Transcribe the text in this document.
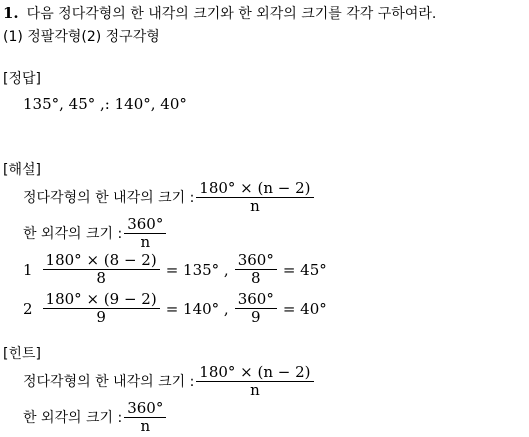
1. 다음 정다각형의 한 내각의 크기와 한 외각의 크기를 각각 구하여라.
(1) 정팔각형(2) 정구각형
[정답]
135°, 45° ,: 140°, 40°
[해설]
정다각형의 한 내각의 크기 : $\frac{180^\circ \times (n - 2)}{n}$
한 외각의 크기 : $\frac{360^\circ}{n}$
$1 \frac{180^\circ \times (8 - 2)}{8} = 135^\circ$ , $\frac{360^\circ}{8} = 45^\circ$
$2 \frac{180^\circ \times (9 - 2)}{9} = 140^\circ$ , $\frac{360^\circ}{9} = 40^\circ$
[힌트]
정다각형의 한 내각의 크기 : $\frac{180^\circ \times (n - 2)}{n}$
한 외각의 크기 : $\frac{360^\circ}{n}$
